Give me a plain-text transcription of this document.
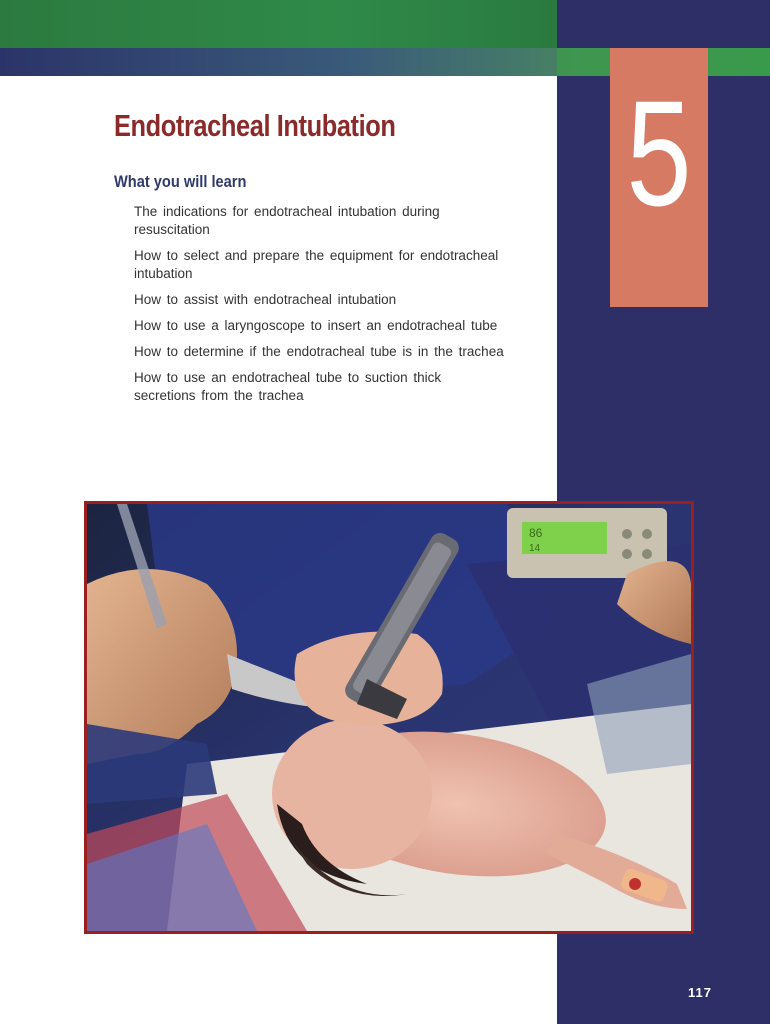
5
Endotracheal Intubation
What you will learn
The indications for endotracheal intubation during resuscitation
How to select and prepare the equipment for endotracheal intubation
How to assist with endotracheal intubation
How to use a laryngoscope to insert an endotracheal tube
How to determine if the endotracheal tube is in the trachea
How to use an endotracheal tube to suction thick secretions from the trachea
86
14
117
